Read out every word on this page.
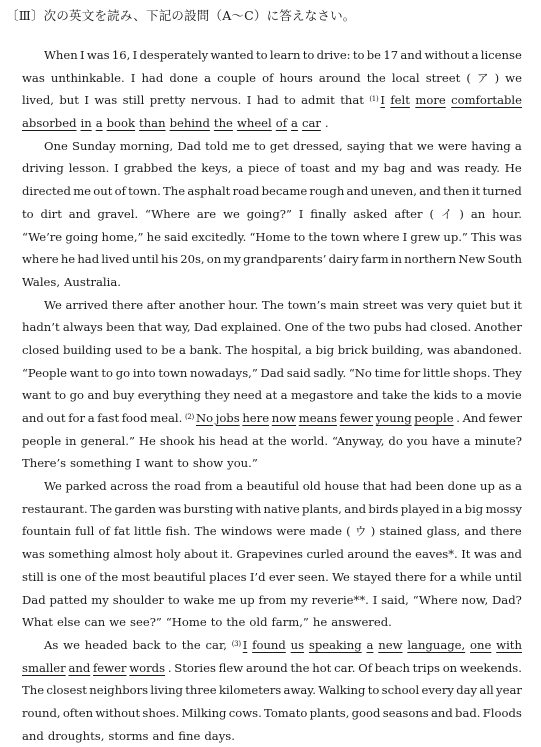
〔Ⅲ〕次の英文を読み、下記の設問（A～C）に答えなさい。
When I was 16, I desperately wanted to learn to drive: to be 17 and without a license
was unthinkable. I had done a couple of hours around the local street ( ア ) we
lived, but I was still pretty nervous. I had to admit that $^{(1)}$ I felt more comfortable
absorbed in a book than behind the wheel of a car .
One Sunday morning, Dad told me to get dressed, saying that we were having a
driving lesson. I grabbed the keys, a piece of toast and my bag and was ready. He
directed me out of town. The asphalt road became rough and uneven, and then it turned
to dirt and gravel. “Where are we going?” I finally asked after ( イ ) an hour.
“We’re going home,” he said excitedly. “Home to the town where I grew up.” This was
where he had lived until his 20s, on my grandparents’ dairy farm in northern New South
Wales, Australia.
We arrived there after another hour. The town’s main street was very quiet but it
hadn’t always been that way, Dad explained. One of the two pubs had closed. Another
closed building used to be a bank. The hospital, a big brick building, was abandoned.
“People want to go into town nowadays,” Dad said sadly. “No time for little shops. They
want to go and buy everything they need at a megastore and take the kids to a movie
and out for a fast food meal. $^{(2)}$ No jobs here now means fewer young people . And fewer
people in general.” He shook his head at the world. “Anyway, do you have a minute?
There’s something I want to show you.”
We parked across the road from a beautiful old house that had been done up as a
restaurant. The garden was bursting with native plants, and birds played in a big mossy
fountain full of fat little fish. The windows were made ( ウ ) stained glass, and there
was something almost holy about it. Grapevines curled around the eaves*. It was and
still is one of the most beautiful places I’d ever seen. We stayed there for a while until
Dad patted my shoulder to wake me up from my reverie**. I said, “Where now, Dad?
What else can we see?” “Home to the old farm,” he answered.
As we headed back to the car, $^{(3)}$ I found us speaking a new language, one with
smaller and fewer words . Stories flew around the hot car. Of beach trips on weekends.
The closest neighbors living three kilometers away. Walking to school every day all year
round, often without shoes. Milking cows. Tomato plants, good seasons and bad. Floods
and droughts, storms and fine days.
